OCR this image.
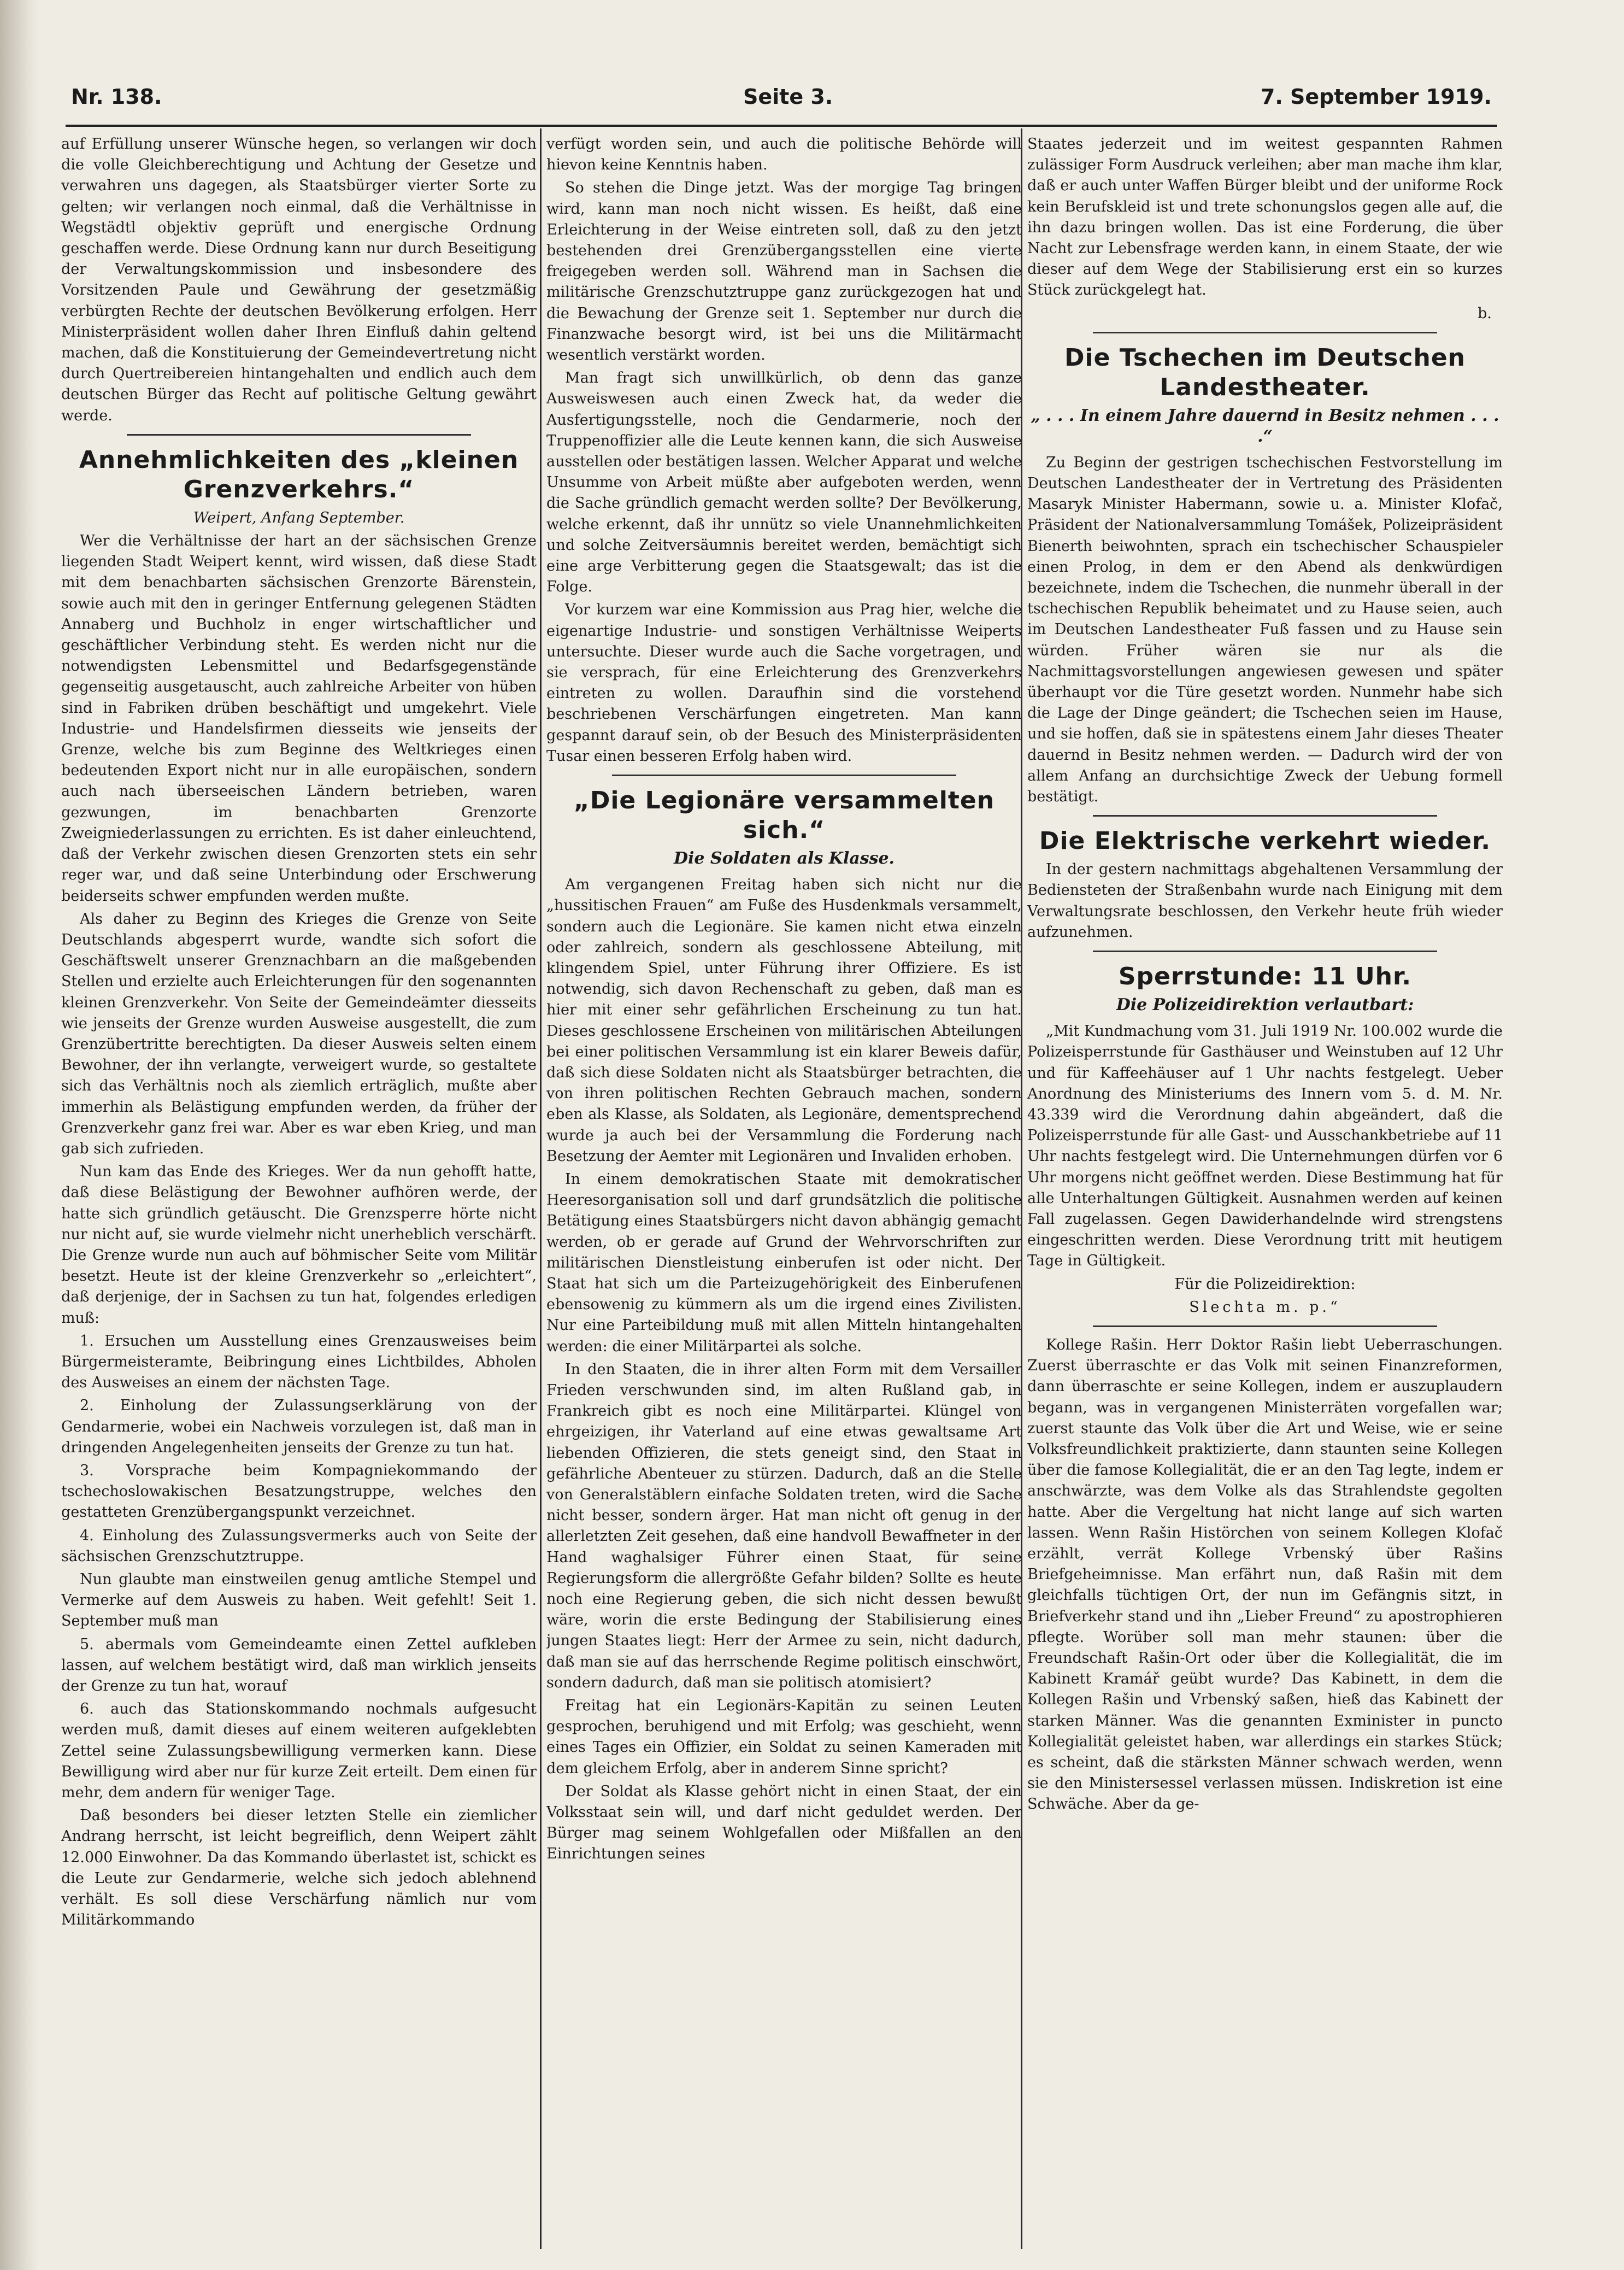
Nr. 138.	Seite 3.	7. September 1919.

auf Erfüllung unserer Wünsche hegen, so verlangen wir doch die volle Gleichberechtigung und Achtung der Gesetze und verwahren uns dagegen, als Staatsbürger vierter Sorte zu gelten; wir verlangen noch einmal, daß die Verhältnisse in Wegstädtl objektiv geprüft und energische Ordnung geschaffen werde. Diese Ordnung kann nur durch Beseitigung der Verwaltungskommission und insbesondere des Vorsitzenden Paule und Gewährung der gesetzmäßig verbürgten Rechte der deutschen Bevölkerung erfolgen. Herr Ministerpräsident wollen daher Ihren Einfluß dahin geltend machen, daß die Konstituierung der Gemeindevertretung nicht durch Quertreibereien hintangehalten und endlich auch dem deutschen Bürger das Recht auf politische Geltung gewährt werde.

Annehmlichkeiten des „kleinen Grenzverkehrs.“

Weipert, Anfang September.

Wer die Verhältnisse der hart an der sächsischen Grenze liegenden Stadt Weipert kennt, wird wissen, daß diese Stadt mit dem benachbarten sächsischen Grenzorte Bärenstein, sowie auch mit den in geringer Entfernung gelegenen Städten Annaberg und Buchholz in enger wirtschaftlicher und geschäftlicher Verbindung steht. Es werden nicht nur die notwendigsten Lebensmittel und Bedarfsgegenstände gegenseitig ausgetauscht, auch zahlreiche Arbeiter von hüben sind in Fabriken drüben beschäftigt und umgekehrt. Viele Industrie- und Handelsfirmen diesseits wie jenseits der Grenze, welche bis zum Beginne des Weltkrieges einen bedeutenden Export nicht nur in alle europäischen, sondern auch nach überseeischen Ländern betrieben, waren gezwungen, im benachbarten Grenzorte Zweigniederlassungen zu errichten. Es ist daher einleuchtend, daß der Verkehr zwischen diesen Grenzorten stets ein sehr reger war, und daß seine Unterbindung oder Erschwerung beiderseits schwer empfunden werden mußte.

Als daher zu Beginn des Krieges die Grenze von Seite Deutschlands abgesperrt wurde, wandte sich sofort die Geschäftswelt unserer Grenznachbarn an die maßgebenden Stellen und erzielte auch Erleichterungen für den sogenannten kleinen Grenzverkehr. Von Seite der Gemeindeämter diesseits wie jenseits der Grenze wurden Ausweise ausgestellt, die zum Grenzübertritte berechtigten. Da dieser Ausweis selten einem Bewohner, der ihn verlangte, verweigert wurde, so gestaltete sich das Verhältnis noch als ziemlich erträglich, mußte aber immerhin als Belästigung empfunden werden, da früher der Grenzverkehr ganz frei war. Aber es war eben Krieg, und man gab sich zufrieden.

Nun kam das Ende des Krieges. Wer da nun gehofft hatte, daß diese Belästigung der Bewohner aufhören werde, der hatte sich gründlich getäuscht. Die Grenzsperre hörte nicht nur nicht auf, sie wurde vielmehr nicht unerheblich verschärft. Die Grenze wurde nun auch auf böhmischer Seite vom Militär besetzt. Heute ist der kleine Grenzverkehr so „erleichtert“, daß derjenige, der in Sachsen zu tun hat, folgendes erledigen muß:

1. Ersuchen um Ausstellung eines Grenzausweises beim Bürgermeisteramte, Beibringung eines Lichtbildes, Abholen des Ausweises an einem der nächsten Tage.

2. Einholung der Zulassungserklärung von der Gendarmerie, wobei ein Nachweis vorzulegen ist, daß man in dringenden Angelegenheiten jenseits der Grenze zu tun hat.

3. Vorsprache beim Kompagniekommando der tschechoslowakischen Besatzungstruppe, welches den gestatteten Grenzübergangspunkt verzeichnet.

4. Einholung des Zulassungsvermerks auch von Seite der sächsischen Grenzschutztruppe.

Nun glaubte man einstweilen genug amtliche Stempel und Vermerke auf dem Ausweis zu haben. Weit gefehlt! Seit 1. September muß man

5. abermals vom Gemeindeamte einen Zettel aufkleben lassen, auf welchem bestätigt wird, daß man wirklich jenseits der Grenze zu tun hat, worauf

6. auch das Stationskommando nochmals aufgesucht werden muß, damit dieses auf einem weiteren aufgeklebten Zettel seine Zulassungsbewilligung vermerken kann. Diese Bewilligung wird aber nur für kurze Zeit erteilt. Dem einen für mehr, dem andern für weniger Tage.

Daß besonders bei dieser letzten Stelle ein ziemlicher Andrang herrscht, ist leicht begreiflich, denn Weipert zählt 12.000 Einwohner. Da das Kommando überlastet ist, schickt es die Leute zur Gendarmerie, welche sich jedoch ablehnend verhält. Es soll diese Verschärfung nämlich nur vom Militärkommando

verfügt worden sein, und auch die politische Behörde will hievon keine Kenntnis haben.

So stehen die Dinge jetzt. Was der morgige Tag bringen wird, kann man noch nicht wissen. Es heißt, daß eine Erleichterung in der Weise eintreten soll, daß zu den jetzt bestehenden drei Grenzübergangsstellen eine vierte freigegeben werden soll. Während man in Sachsen die militärische Grenzschutztruppe ganz zurückgezogen hat und die Bewachung der Grenze seit 1. September nur durch die Finanzwache besorgt wird, ist bei uns die Militärmacht wesentlich verstärkt worden.

Man fragt sich unwillkürlich, ob denn das ganze Ausweiswesen auch einen Zweck hat, da weder die Ausfertigungsstelle, noch die Gendarmerie, noch der Truppenoffizier alle die Leute kennen kann, die sich Ausweise ausstellen oder bestätigen lassen. Welcher Apparat und welche Unsumme von Arbeit müßte aber aufgeboten werden, wenn die Sache gründlich gemacht werden sollte? Der Bevölkerung, welche erkennt, daß ihr unnütz so viele Unannehmlichkeiten und solche Zeitversäumnis bereitet werden, bemächtigt sich eine arge Verbitterung gegen die Staatsgewalt; das ist die Folge.

Vor kurzem war eine Kommission aus Prag hier, welche die eigenartige Industrie- und sonstigen Verhältnisse Weiperts untersuchte. Dieser wurde auch die Sache vorgetragen, und sie versprach, für eine Erleichterung des Grenzverkehrs eintreten zu wollen. Daraufhin sind die vorstehend beschriebenen Verschärfungen eingetreten. Man kann gespannt darauf sein, ob der Besuch des Ministerpräsidenten Tusar einen besseren Erfolg haben wird.

„Die Legionäre versammelten sich.“
Die Soldaten als Klasse.

Am vergangenen Freitag haben sich nicht nur die „hussitischen Frauen“ am Fuße des Husdenkmals versammelt, sondern auch die Legionäre. Sie kamen nicht etwa einzeln oder zahlreich, sondern als geschlossene Abteilung, mit klingendem Spiel, unter Führung ihrer Offiziere. Es ist notwendig, sich davon Rechenschaft zu geben, daß man es hier mit einer sehr gefährlichen Erscheinung zu tun hat. Dieses geschlossene Erscheinen von militärischen Abteilungen bei einer politischen Versammlung ist ein klarer Beweis dafür, daß sich diese Soldaten nicht als Staatsbürger betrachten, die von ihren politischen Rechten Gebrauch machen, sondern eben als Klasse, als Soldaten, als Legionäre, dementsprechend wurde ja auch bei der Versammlung die Forderung nach Besetzung der Aemter mit Legionären und Invaliden erhoben.

In einem demokratischen Staate mit demokratischer Heeresorganisation soll und darf grundsätzlich die politische Betätigung eines Staatsbürgers nicht davon abhängig gemacht werden, ob er gerade auf Grund der Wehrvorschriften zur militärischen Dienstleistung einberufen ist oder nicht. Der Staat hat sich um die Parteizugehörigkeit des Einberufenen ebensowenig zu kümmern als um die irgend eines Zivilisten. Nur eine Parteibildung muß mit allen Mitteln hintangehalten werden: die einer Militärpartei als solche.

In den Staaten, die in ihrer alten Form mit dem Versailler Frieden verschwunden sind, im alten Rußland gab, in Frankreich gibt es noch eine Militärpartei. Klüngel von ehrgeizigen, ihr Vaterland auf eine etwas gewaltsame Art liebenden Offizieren, die stets geneigt sind, den Staat in gefährliche Abenteuer zu stürzen. Dadurch, daß an die Stelle von Generalstäblern einfache Soldaten treten, wird die Sache nicht besser, sondern ärger. Hat man nicht oft genug in der allerletzten Zeit gesehen, daß eine handvoll Bewaffneter in der Hand waghalsiger Führer einen Staat, für seine Regierungsform die allergrößte Gefahr bilden? Sollte es heute noch eine Regierung geben, die sich nicht dessen bewußt wäre, worin die erste Bedingung der Stabilisierung eines jungen Staates liegt: Herr der Armee zu sein, nicht dadurch, daß man sie auf das herrschende Regime politisch einschwört, sondern dadurch, daß man sie politisch atomisiert?

Freitag hat ein Legionärs-Kapitän zu seinen Leuten gesprochen, beruhigend und mit Erfolg; was geschieht, wenn eines Tages ein Offizier, ein Soldat zu seinen Kameraden mit dem gleichem Erfolg, aber in anderem Sinne spricht?

Der Soldat als Klasse gehört nicht in einen Staat, der ein Volksstaat sein will, und darf nicht geduldet werden. Der Bürger mag seinem Wohlgefallen oder Mißfallen an den Einrichtungen seines

Staates jederzeit und im weitest gespannten Rahmen zulässiger Form Ausdruck verleihen; aber man mache ihm klar, daß er auch unter Waffen Bürger bleibt und der uniforme Rock kein Berufskleid ist und trete schonungslos gegen alle auf, die ihn dazu bringen wollen. Das ist eine Forderung, die über Nacht zur Lebensfrage werden kann, in einem Staate, der wie dieser auf dem Wege der Stabilisierung erst ein so kurzes Stück zurückgelegt hat.

b.

Die Tschechen im Deutschen Landestheater.
„ . . . In einem Jahre dauernd in Besitz nehmen . . . .“

Zu Beginn der gestrigen tschechischen Festvorstellung im Deutschen Landestheater der in Vertretung des Präsidenten Masaryk Minister Habermann, sowie u. a. Minister Klofač, Präsident der Nationalversammlung Tomášek, Polizeipräsident Bienerth beiwohnten, sprach ein tschechischer Schauspieler einen Prolog, in dem er den Abend als denkwürdigen bezeichnete, indem die Tschechen, die nunmehr überall in der tschechischen Republik beheimatet und zu Hause seien, auch im Deutschen Landestheater Fuß fassen und zu Hause sein würden. Früher wären sie nur als die Nachmittagsvorstellungen angewiesen gewesen und später überhaupt vor die Türe gesetzt worden. Nunmehr habe sich die Lage der Dinge geändert; die Tschechen seien im Hause, und sie hoffen, daß sie in spätestens einem Jahr dieses Theater dauernd in Besitz nehmen werden. — Dadurch wird der von allem Anfang an durchsichtige Zweck der Uebung formell bestätigt.

Die Elektrische verkehrt wieder.

In der gestern nachmittags abgehaltenen Versammlung der Bediensteten der Straßenbahn wurde nach Einigung mit dem Verwaltungsrate beschlossen, den Verkehr heute früh wieder aufzunehmen.

Sperrstunde: 11 Uhr.
Die Polizeidirektion verlautbart:

„Mit Kundmachung vom 31. Juli 1919 Nr. 100.002 wurde die Polizeisperrstunde für Gasthäuser und Weinstuben auf 12 Uhr und für Kaffeehäuser auf 1 Uhr nachts festgelegt. Ueber Anordnung des Ministeriums des Innern vom 5. d. M. Nr. 43.339 wird die Verordnung dahin abgeändert, daß die Polizeisperrstunde für alle Gast- und Ausschankbetriebe auf 11 Uhr nachts festgelegt wird. Die Unternehmungen dürfen vor 6 Uhr morgens nicht geöffnet werden. Diese Bestimmung hat für alle Unterhaltungen Gültigkeit. Ausnahmen werden auf keinen Fall zugelassen. Gegen Dawiderhandelnde wird strengstens eingeschritten werden. Diese Verordnung tritt mit heutigem Tage in Gültigkeit.

Für die Polizeidirektion:

Slechta m. p.“

Kollege Rašin. Herr Doktor Rašin liebt Ueberraschungen. Zuerst überraschte er das Volk mit seinen Finanzreformen, dann überraschte er seine Kollegen, indem er auszuplaudern begann, was in vergangenen Ministerräten vorgefallen war; zuerst staunte das Volk über die Art und Weise, wie er seine Volksfreundlichkeit praktizierte, dann staunten seine Kollegen über die famose Kollegialität, die er an den Tag legte, indem er anschwärzte, was dem Volke als das Strahlendste gegolten hatte. Aber die Vergeltung hat nicht lange auf sich warten lassen. Wenn Rašin Histörchen von seinem Kollegen Klofač erzählt, verrät Kollege Vrbenský über Rašins Briefgeheimnisse. Man erfährt nun, daß Rašin mit dem gleichfalls tüchtigen Ort, der nun im Gefängnis sitzt, in Briefverkehr stand und ihn „Lieber Freund“ zu apostrophieren pflegte. Worüber soll man mehr staunen: über die Freundschaft Rašin-Ort oder über die Kollegialität, die im Kabinett Kramář geübt wurde? Das Kabinett, in dem die Kollegen Rašin und Vrbenský saßen, hieß das Kabinett der starken Männer. Was die genannten Exminister in puncto Kollegialität geleistet haben, war allerdings ein starkes Stück; es scheint, daß die stärksten Männer schwach werden, wenn sie den Ministersessel verlassen müssen. Indiskretion ist eine Schwäche. Aber da ge-
